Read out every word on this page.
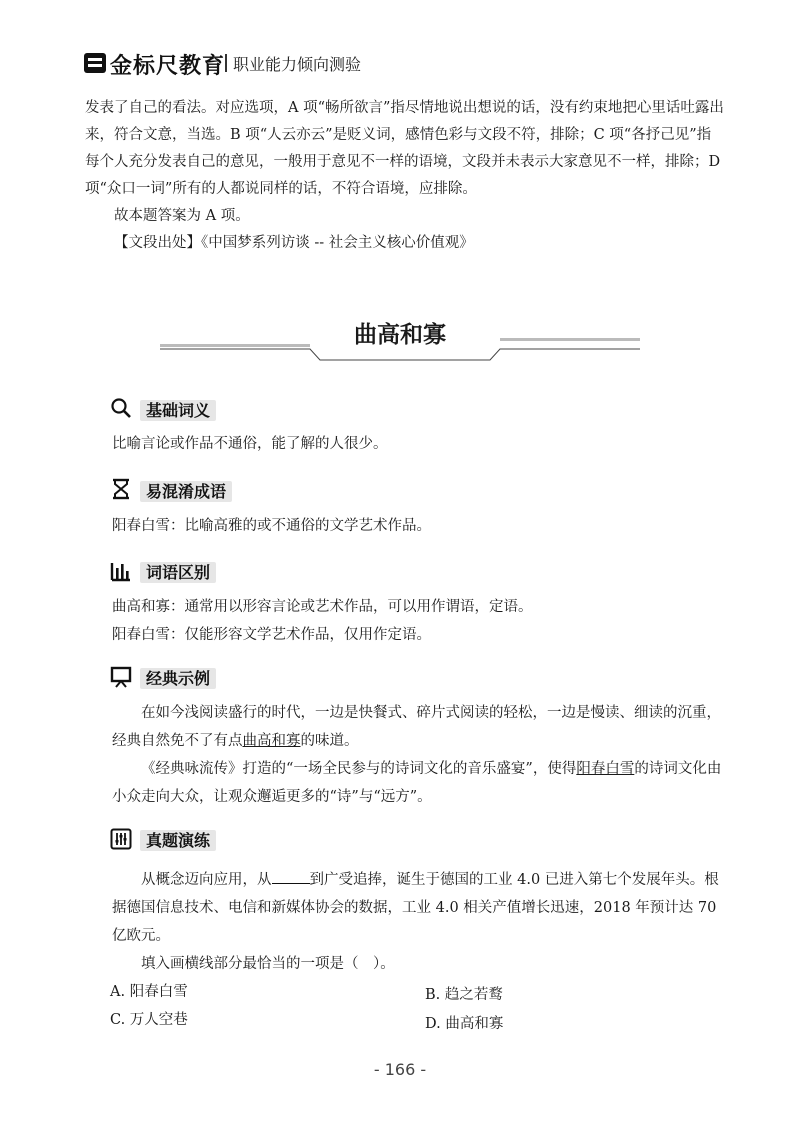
金标尺教育 职业能力倾向测验

发表了自己的看法。对应选项，A 项“畅所欲言”指尽情地说出想说的话，没有约束地把心里话吐露出来，符合文意，当选。B 项“人云亦云”是贬义词，感情色彩与文段不符，排除；C 项“各抒己见”指每个人充分发表自己的意见，一般用于意见不一样的语境，文段并未表示大家意见不一样，排除；D 项“众口一词”所有的人都说同样的话，不符合语境，应排除。

故本题答案为 A 项。

【文段出处】《中国梦系列访谈 -- 社会主义核心价值观》

曲高和寡
基础词义
比喻言论或作品不通俗，能了解的人很少。
易混淆成语
阳春白雪：比喻高雅的或不通俗的文学艺术作品。
词语区别

曲高和寡：通常用以形容言论或艺术作品，可以用作谓语，定语。

阳春白雪：仅能形容文学艺术作品，仅用作定语。

经典示例

在如今浅阅读盛行的时代，一边是快餐式、碎片式阅读的轻松，一边是慢读、细读的沉重，经典自然免不了有点曲高和寡的味道。

《经典咏流传》打造的“一场全民参与的诗词文化的音乐盛宴”，使得阳春白雪的诗词文化由小众走向大众，让观众邂逅更多的“诗”与“远方”。

真题演练

从概念迈向应用，从	到广受追捧，诞生于德国的工业 4.0 已进入第七个发展年头。根据德国信息技术、电信和新媒体协会的数据，工业 4.0 相关产值增长迅速，2018 年预计达 70 亿欧元。

填入画横线部分最恰当的一项是（　）。

A. 阳春白雪	B. 趋之若鹜
C. 万人空巷	D. 曲高和寡
- 166 -
